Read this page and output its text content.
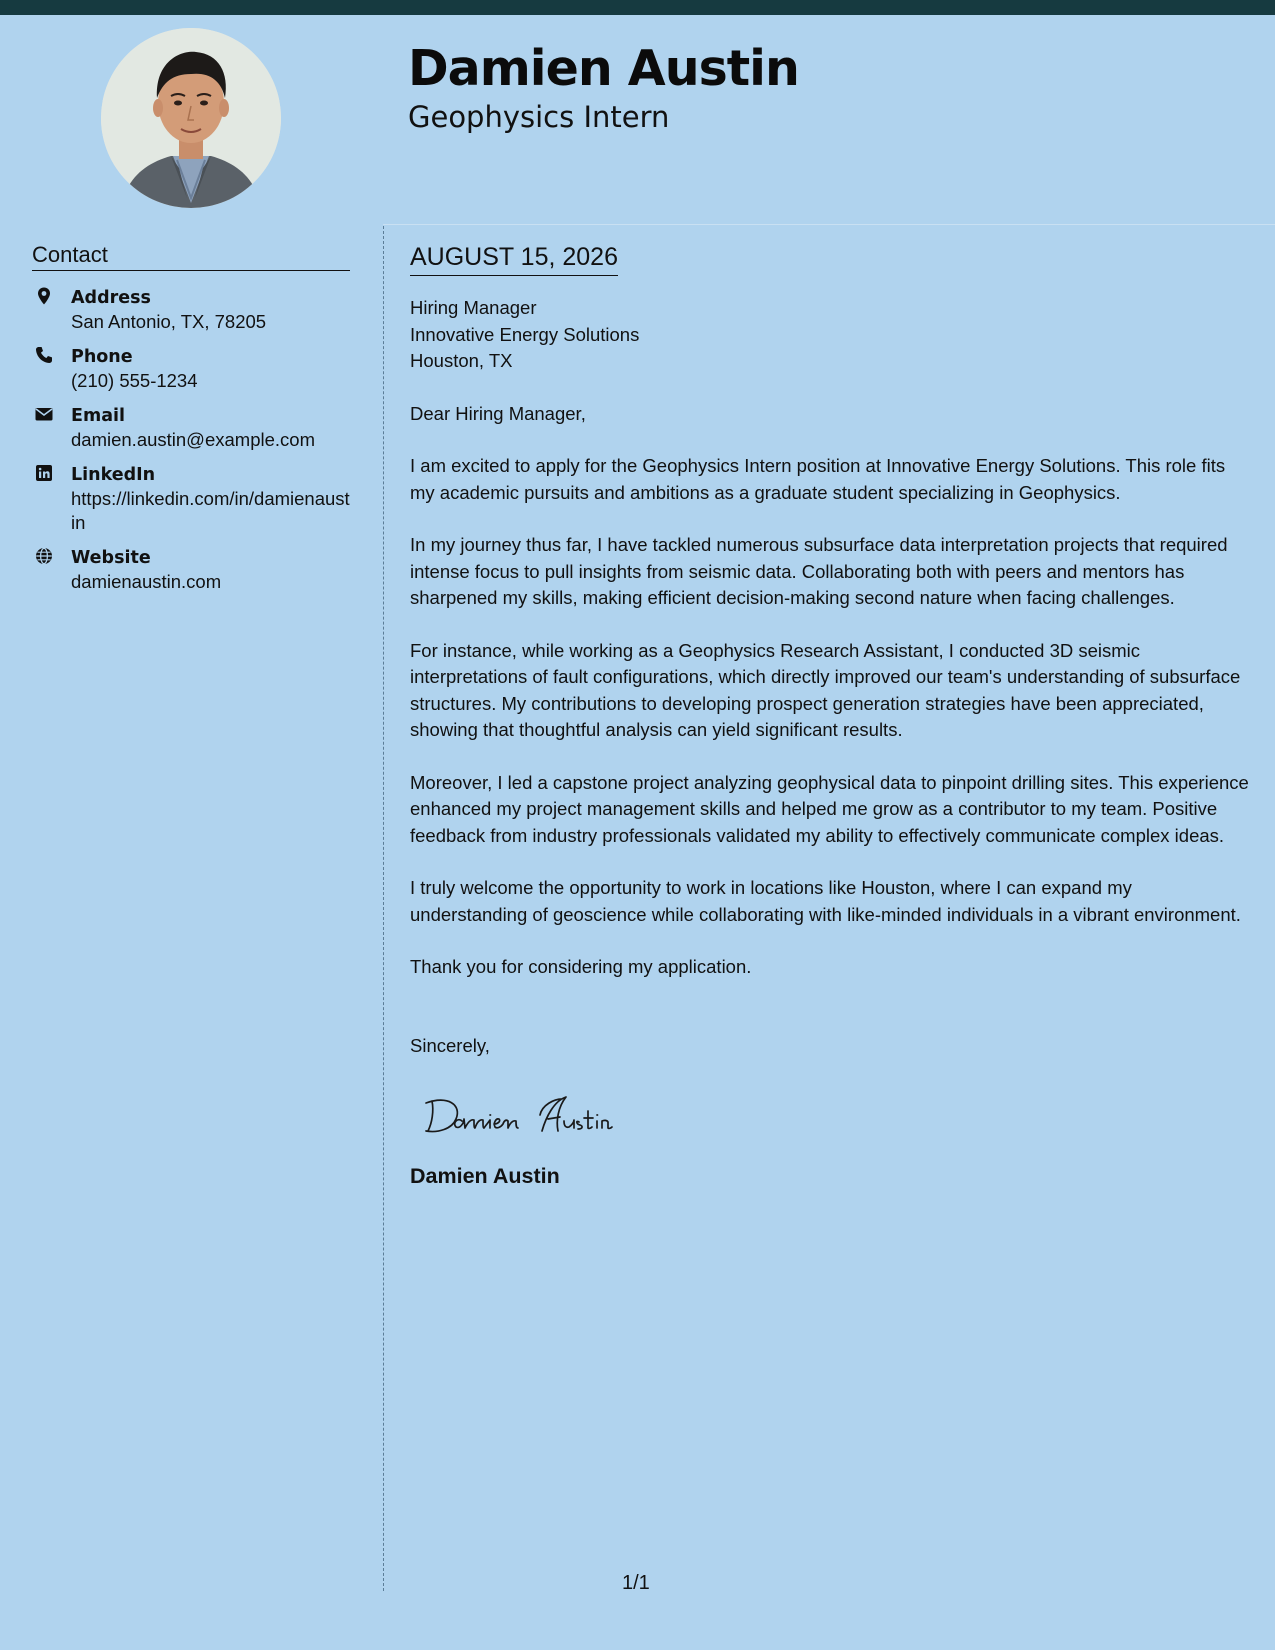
Damien Austin
Geophysics Intern
Contact
Address
San Antonio, TX, 78205
Phone
(210) 555-1234
Email
damien.austin@example.com
LinkedIn
https://linkedin.com/in/damienaustin
Website
damienaustin.com
AUGUST 15, 2026
Hiring Manager
Innovative Energy Solutions
Houston, TX
Dear Hiring Manager,

I am excited to apply for the Geophysics Intern position at Innovative Energy Solutions. This role fits my academic pursuits and ambitions as a graduate student specializing in Geophysics.

In my journey thus far, I have tackled numerous subsurface data interpretation projects that required intense focus to pull insights from seismic data. Collaborating both with peers and mentors has sharpened my skills, making efficient decision-making second nature when facing challenges.

For instance, while working as a Geophysics Research Assistant, I conducted 3D seismic interpretations of fault configurations, which directly improved our team's understanding of subsurface structures. My contributions to developing prospect generation strategies have been appreciated, showing that thoughtful analysis can yield significant results.

Moreover, I led a capstone project analyzing geophysical data to pinpoint drilling sites. This experience enhanced my project management skills and helped me grow as a contributor to my team. Positive feedback from industry professionals validated my ability to effectively communicate complex ideas.

I truly welcome the opportunity to work in locations like Houston, where I can expand my understanding of geoscience while collaborating with like-minded individuals in a vibrant environment.

Thank you for considering my application.

Sincerely,
Damien Austin
1/1
